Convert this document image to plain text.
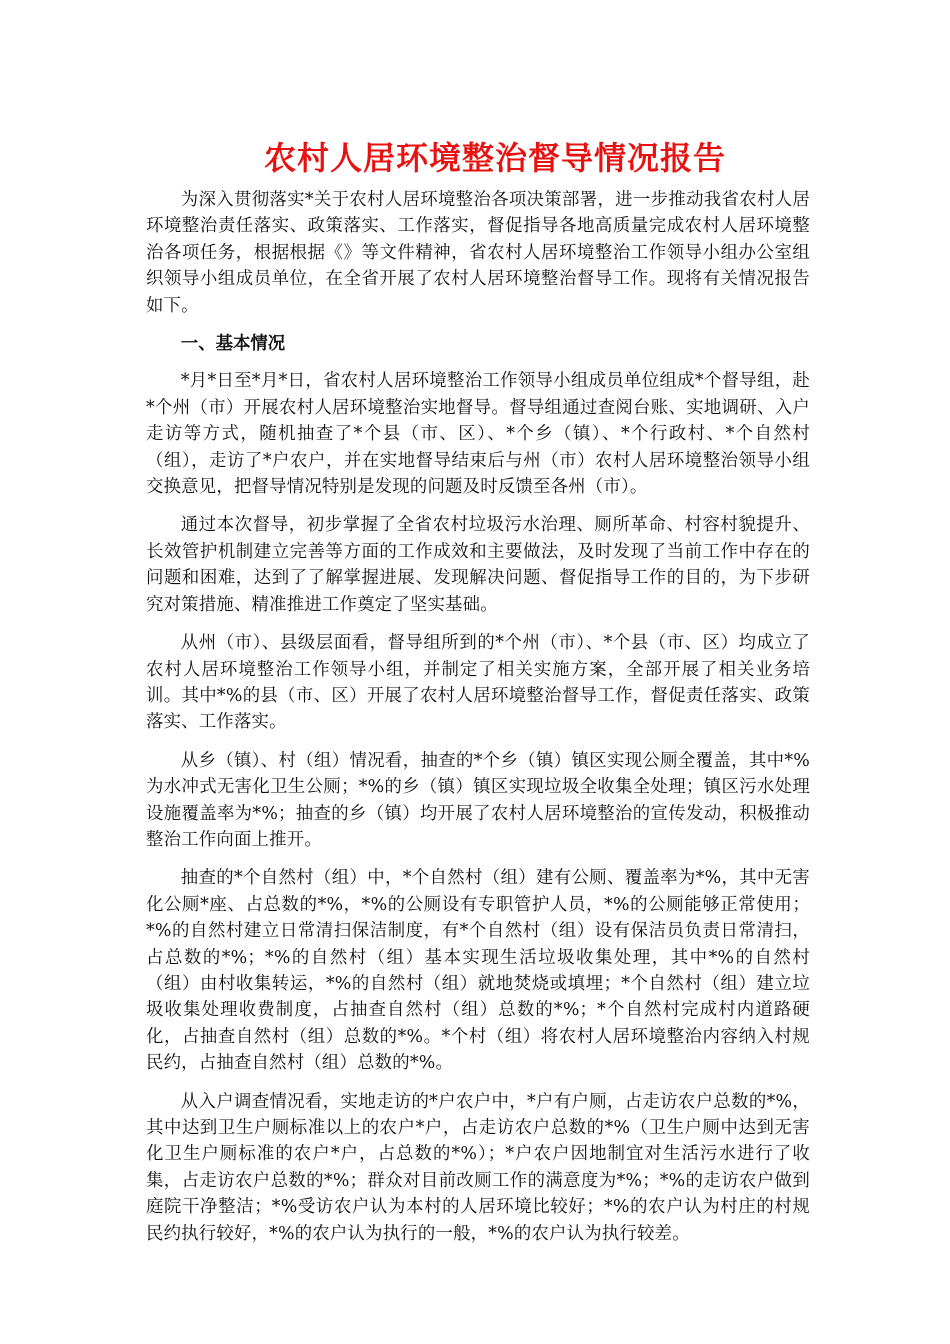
农村人居环境整治督导情况报告

为深入贯彻落实*关于农村人居环境整治各项决策部署，进一步推动我省农村人居环境整治责任落实、政策落实、工作落实，督促指导各地高质量完成农村人居环境整治各项任务，根据根据《》等文件精神，省农村人居环境整治工作领导小组办公室组织领导小组成员单位，在全省开展了农村人居环境整治督导工作。现将有关情况报告如下。

一、基本情况

*月*日至*月*日，省农村人居环境整治工作领导小组成员单位组成*个督导组，赴*个州（市）开展农村人居环境整治实地督导。督导组通过查阅台账、实地调研、入户走访等方式，随机抽查了*个县（市、区）、*个乡（镇）、*个行政村、*个自然村（组），走访了*户农户，并在实地督导结束后与州（市）农村人居环境整治领导小组交换意见，把督导情况特别是发现的问题及时反馈至各州（市）。

通过本次督导，初步掌握了全省农村垃圾污水治理、厕所革命、村容村貌提升、长效管护机制建立完善等方面的工作成效和主要做法，及时发现了当前工作中存在的问题和困难，达到了了解掌握进展、发现解决问题、督促指导工作的目的，为下步研究对策措施、精准推进工作奠定了坚实基础。

从州（市）、县级层面看，督导组所到的*个州（市）、*个县（市、区）均成立了农村人居环境整治工作领导小组，并制定了相关实施方案，全部开展了相关业务培训。其中*%的县（市、区）开展了农村人居环境整治督导工作，督促责任落实、政策落实、工作落实。

从乡（镇）、村（组）情况看，抽查的*个乡（镇）镇区实现公厕全覆盖，其中*%为水冲式无害化卫生公厕；*%的乡（镇）镇区实现垃圾全收集全处理；镇区污水处理设施覆盖率为*%；抽查的乡（镇）均开展了农村人居环境整治的宣传发动，积极推动整治工作向面上推开。

抽查的*个自然村（组）中，*个自然村（组）建有公厕、覆盖率为*%，其中无害化公厕*座、占总数的*%，*%的公厕设有专职管护人员，*%的公厕能够正常使用；*%的自然村建立日常清扫保洁制度，有*个自然村（组）设有保洁员负责日常清扫，占总数的*%；*%的自然村（组）基本实现生活垃圾收集处理，其中*%的自然村（组）由村收集转运，*%的自然村（组）就地焚烧或填埋；*个自然村（组）建立垃圾收集处理收费制度，占抽查自然村（组）总数的*%；*个自然村完成村内道路硬化，占抽查自然村（组）总数的*%。*个村（组）将农村人居环境整治内容纳入村规民约，占抽查自然村（组）总数的*%。

从入户调查情况看，实地走访的*户农户中，*户有户厕，占走访农户总数的*%，其中达到卫生户厕标准以上的农户*户，占走访农户总数的*%（卫生户厕中达到无害化卫生户厕标准的农户*户，占总数的*%）；*户农户因地制宜对生活污水进行了收集，占走访农户总数的*%；群众对目前改厕工作的满意度为*%；*%的走访农户做到庭院干净整洁；*%受访农户认为本村的人居环境比较好；*%的农户认为村庄的村规民约执行较好，*%的农户认为执行的一般，*%的农户认为执行较差。
